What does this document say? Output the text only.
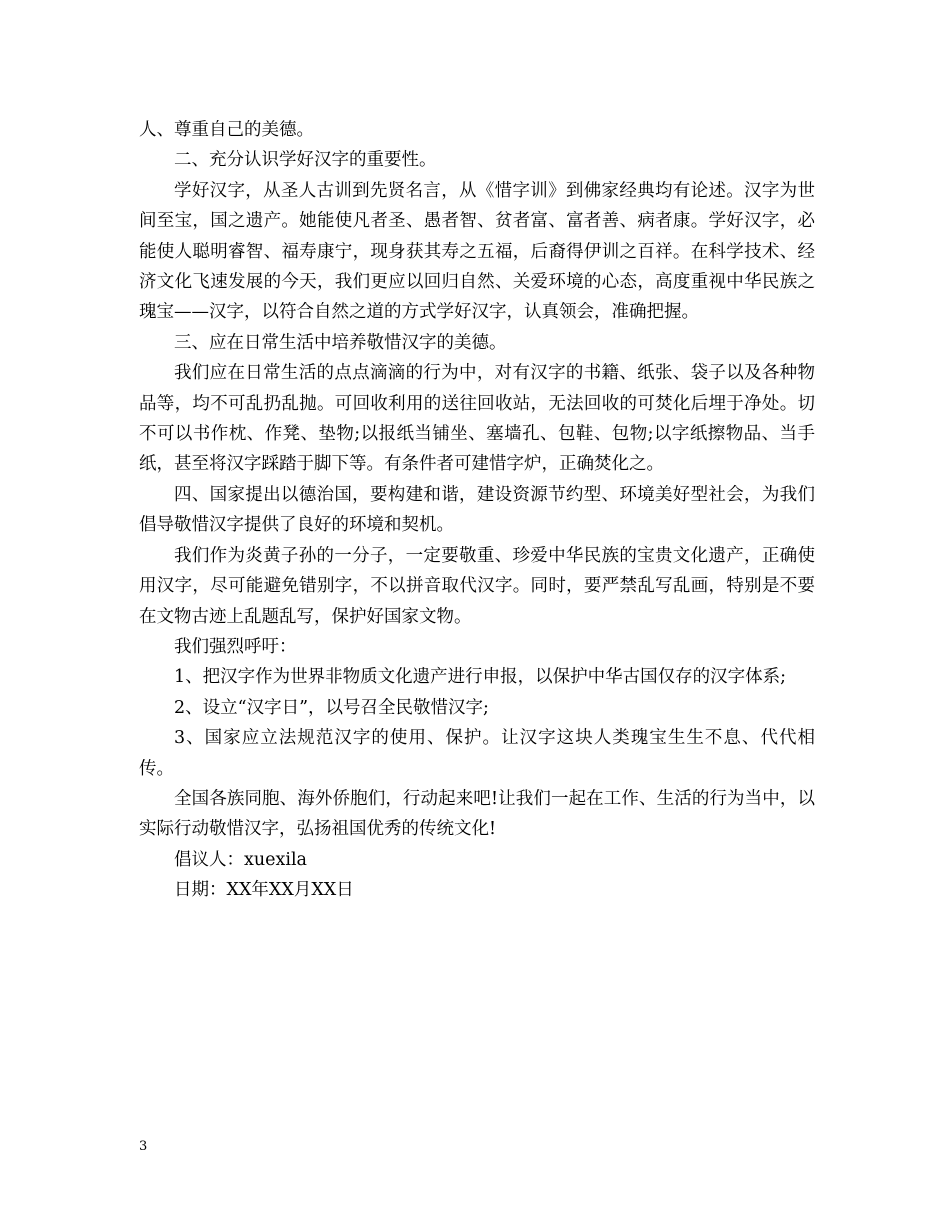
人、尊重自己的美德。

二、充分认识学好汉字的重要性。

学好汉字，从圣人古训到先贤名言，从《惜字训》到佛家经典均有论述。汉字为世间至宝，国之遗产。她能使凡者圣、愚者智、贫者富、富者善、病者康。学好汉字，必能使人聪明睿智、福寿康宁，现身获其寿之五福，后裔得伊训之百祥。在科学技术、经济文化飞速发展的今天，我们更应以回归自然、关爱环境的心态，高度重视中华民族之瑰宝——汉字，以符合自然之道的方式学好汉字，认真领会，准确把握。

三、应在日常生活中培养敬惜汉字的美德。

我们应在日常生活的点点滴滴的行为中，对有汉字的书籍、纸张、袋子以及各种物品等，均不可乱扔乱抛。可回收利用的送往回收站，无法回收的可焚化后埋于净处。切不可以书作枕、作凳、垫物;以报纸当铺坐、塞墙孔、包鞋、包物;以字纸擦物品、当手纸，甚至将汉字踩踏于脚下等。有条件者可建惜字炉，正确焚化之。

四、国家提出以德治国，要构建和谐，建设资源节约型、环境美好型社会，为我们倡导敬惜汉字提供了良好的环境和契机。

我们作为炎黄子孙的一分子，一定要敬重、珍爱中华民族的宝贵文化遗产，正确使用汉字，尽可能避免错别字，不以拼音取代汉字。同时，要严禁乱写乱画，特别是不要在文物古迹上乱题乱写，保护好国家文物。

我们强烈呼吁：

1、把汉字作为世界非物质文化遗产进行申报，以保护中华古国仅存的汉字体系;

2、设立“汉字日”，以号召全民敬惜汉字;

3、国家应立法规范汉字的使用、保护。让汉字这块人类瑰宝生生不息、代代相传。

全国各族同胞、海外侨胞们，行动起来吧!让我们一起在工作、生活的行为当中，以实际行动敬惜汉字，弘扬祖国优秀的传统文化!

倡议人：xuexila

日期：XX年XX月XX日

3
